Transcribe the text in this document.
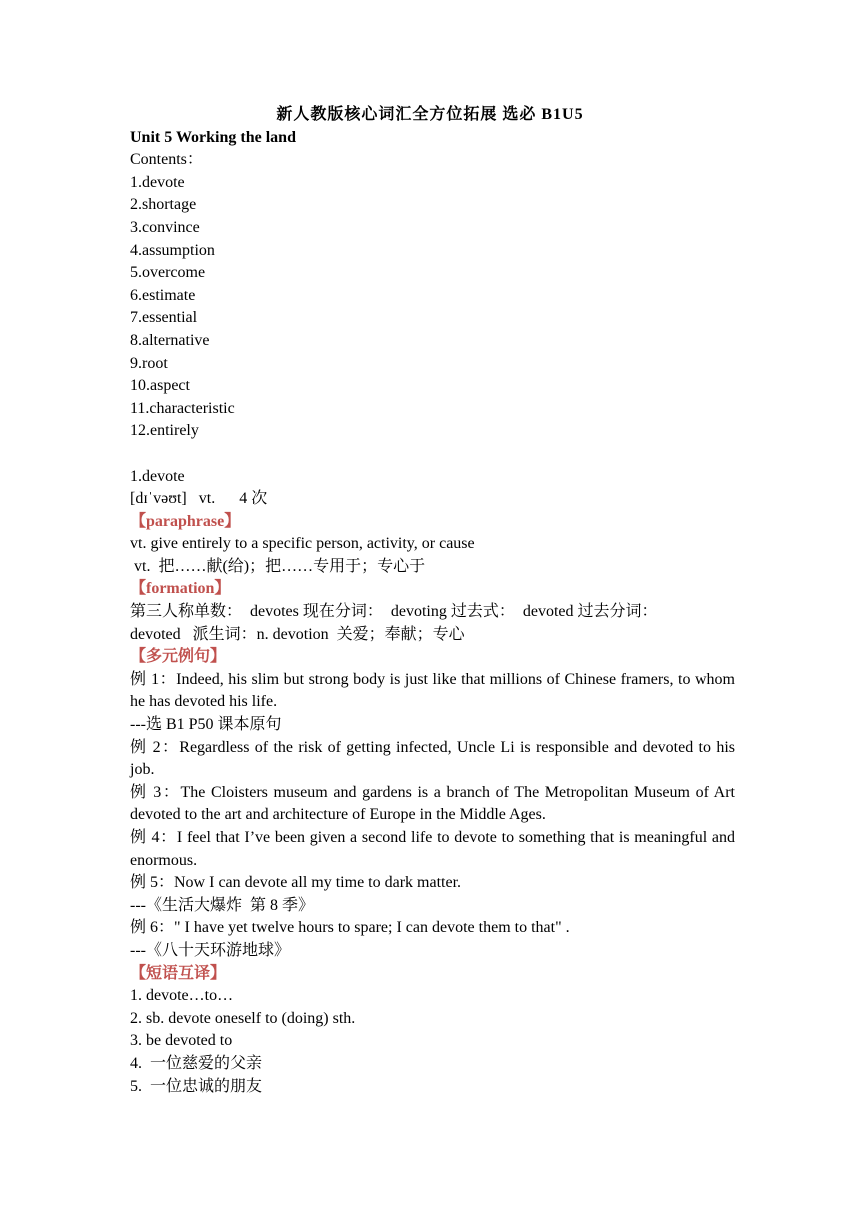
新人教版核心词汇全方位拓展 选必 B1U5
Unit 5 Working the land
Contents：
1.devote
2.shortage
3.convince
4.assumption
5.overcome
6.estimate
7.essential
8.alternative
9.root
10.aspect
11.characteristic
12.entirely
1.devote
[dɪˈvəʊt]   vt.      4 次
【paraphrase】
vt. give entirely to a specific person, activity, or cause
vt.  把……献(给)；把……专用于；专心于
【formation】
第三人称单数：  devotes 现在分词：  devoting 过去式：  devoted 过去分词：
devoted   派生词：n. devotion  关爱；奉献；专心
【多元例句】
例 1：Indeed, his slim but strong body is just like that millions of Chinese framers, to whom he has devoted his life.
---选 B1 P50 课本原句
例 2：Regardless of the risk of getting infected, Uncle Li is responsible and devoted to his job.
例 3：The Cloisters museum and gardens is a branch of The Metropolitan Museum of Art devoted to the art and architecture of Europe in the Middle Ages.
例 4：I feel that I’ve been given a second life to devote to something that is meaningful and enormous.
例 5：Now I can devote all my time to dark matter.
---《生活大爆炸  第 8 季》
例 6：" I have yet twelve hours to spare; I can devote them to that" .
---《八十天环游地球》
【短语互译】
1. devote…to…
2. sb. devote oneself to (doing) sth.
3. be devoted to
4.  一位慈爱的父亲
5.  一位忠诚的朋友
